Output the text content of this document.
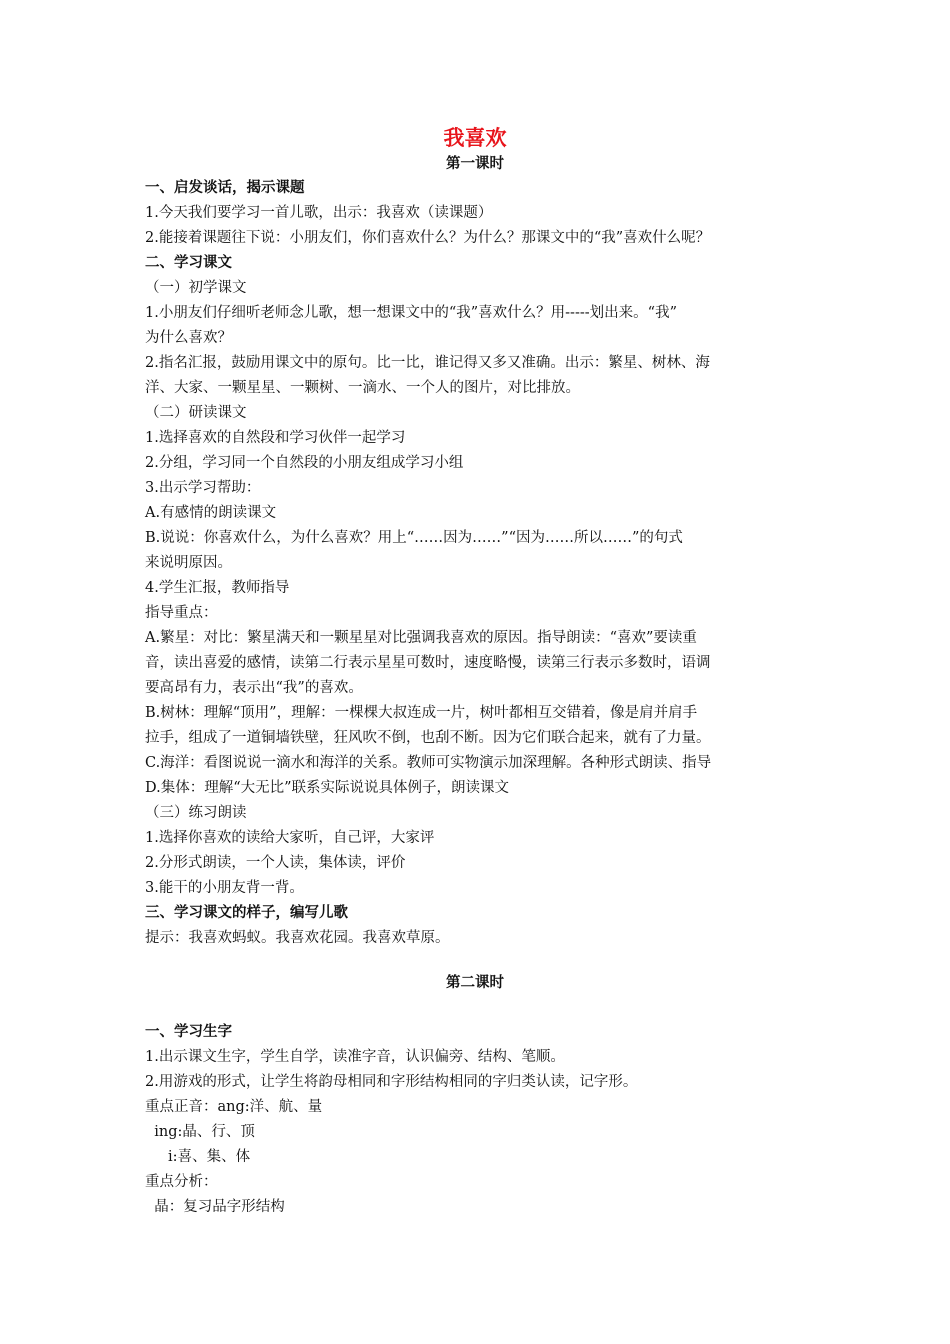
我喜欢
第一课时
一、启发谈话，揭示课题
1.今天我们要学习一首儿歌，出示：我喜欢（读课题）
2.能接着课题往下说：小朋友们，你们喜欢什么？为什么？那课文中的“我”喜欢什么呢？
二、学习课文
（一）初学课文
1.小朋友们仔细听老师念儿歌，想一想课文中的“我”喜欢什么？用-----划出来。“我”
为什么喜欢？
2.指名汇报，鼓励用课文中的原句。比一比，谁记得又多又准确。出示：繁星、树林、海
洋、大家、一颗星星、一颗树、一滴水、一个人的图片，对比排放。
（二）研读课文
1.选择喜欢的自然段和学习伙伴一起学习
2.分组，学习同一个自然段的小朋友组成学习小组
3.出示学习帮助：
A.有感情的朗读课文
B.说说：你喜欢什么，为什么喜欢？用上“……因为……”“因为……所以……”的句式
来说明原因。
4.学生汇报，教师指导
指导重点：
A.繁星：对比：繁星满天和一颗星星对比强调我喜欢的原因。指导朗读：“喜欢”要读重
音，读出喜爱的感情，读第二行表示星星可数时，速度略慢，读第三行表示多数时，语调
要高昂有力，表示出“我”的喜欢。
B.树林：理解“顶用”，理解：一棵棵大叔连成一片，树叶都相互交错着，像是肩并肩手
拉手，组成了一道铜墙铁壁，狂风吹不倒，也刮不断。因为它们联合起来，就有了力量。
C.海洋：看图说说一滴水和海洋的关系。教师可实物演示加深理解。各种形式朗读、指导
D.集体：理解“大无比”联系实际说说具体例子，朗读课文
（三）练习朗读
1.选择你喜欢的读给大家听，自己评，大家评
2.分形式朗读，一个人读，集体读，评价
3.能干的小朋友背一背。
三、学习课文的样子，编写儿歌
提示：我喜欢蚂蚁。我喜欢花园。我喜欢草原。
第二课时
一、学习生字
1.出示课文生字，学生自学，读准字音，认识偏旁、结构、笔顺。
2.用游戏的形式，让学生将韵母相同和字形结构相同的字归类认读，记字形。
重点正音：ang:洋、航、量
ing:晶、行、顶
i:喜、集、体
重点分析：
晶：复习品字形结构
